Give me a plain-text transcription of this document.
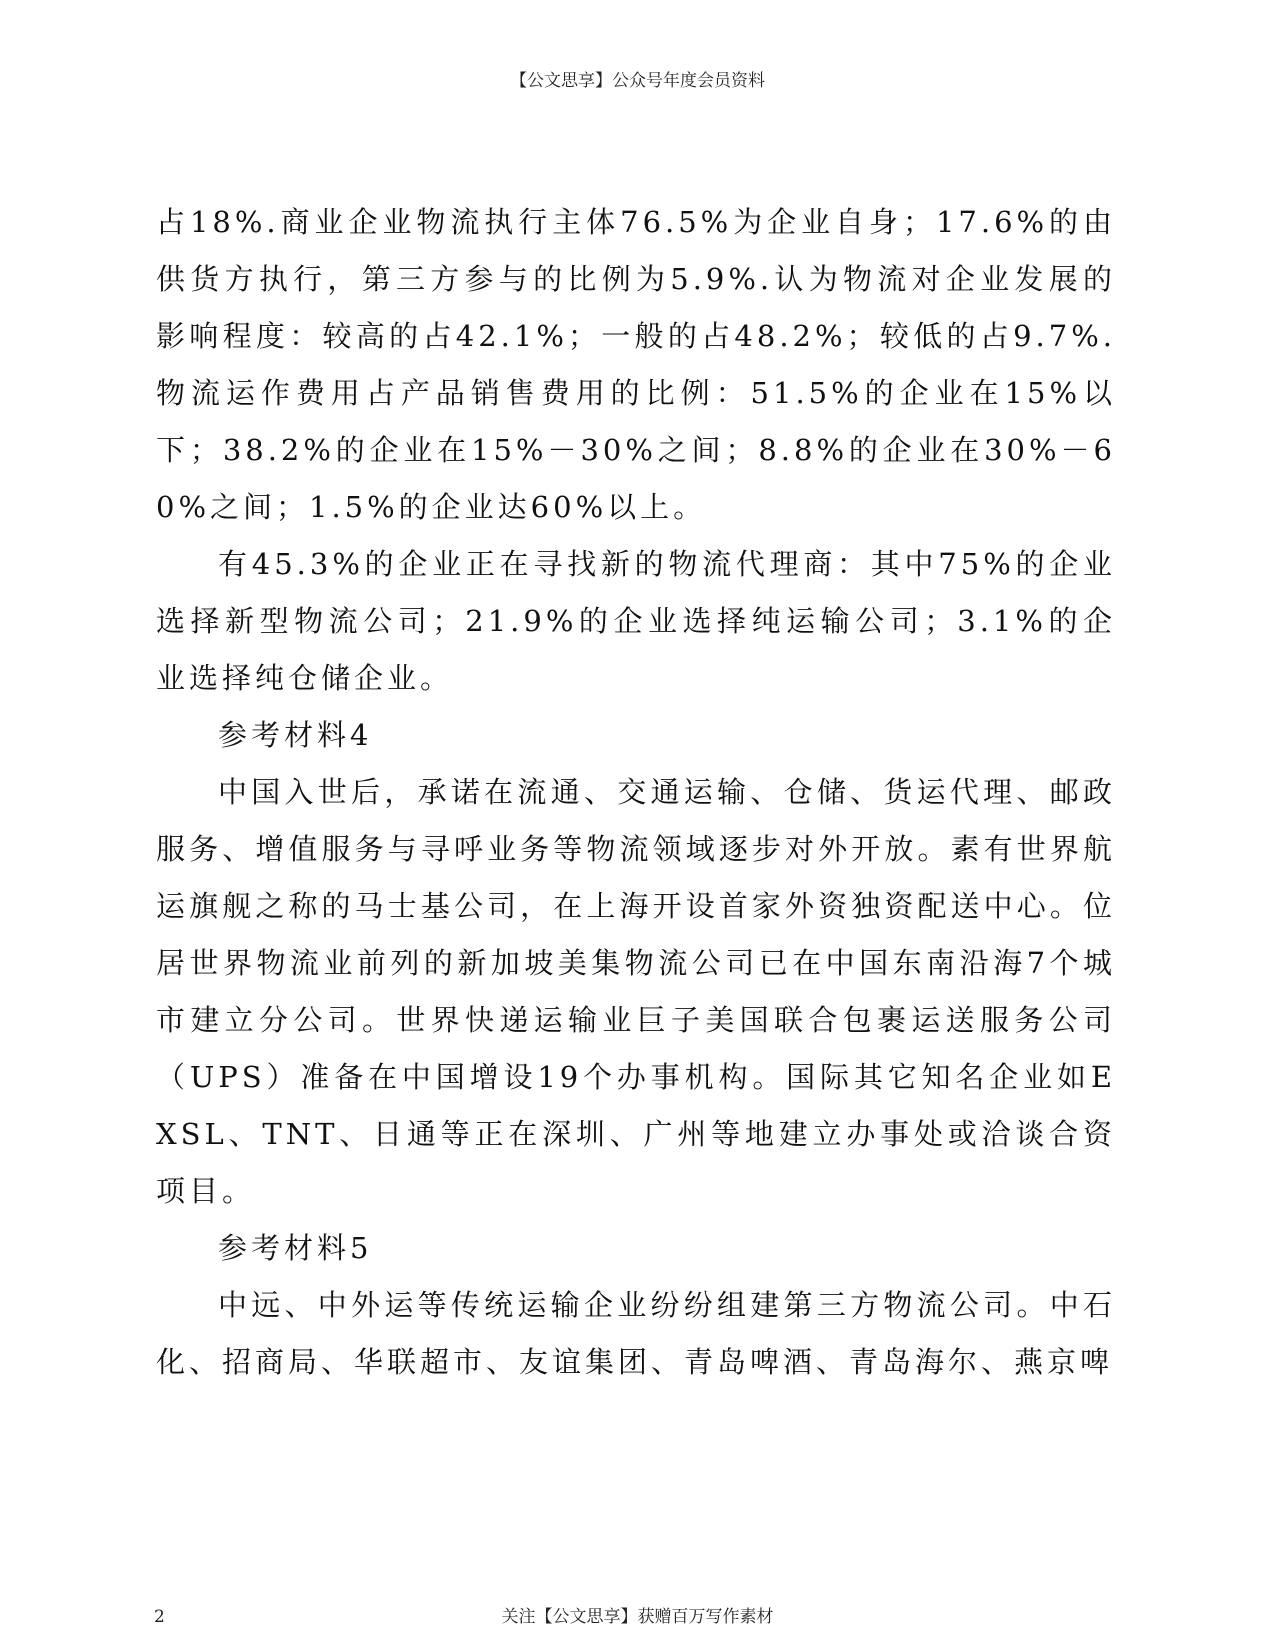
【公文思享】公众号年度会员资料

占18%.商业企业物流执行主体76.5%为企业自身；17.6%的由供货方执行，第三方参与的比例为5.9%.认为物流对企业发展的影响程度：较高的占42.1%；一般的占48.2%；较低的占9.7%.物流运作费用占产品销售费用的比例：51.5%的企业在15%以下；38.2%的企业在15%－30%之间；8.8%的企业在30%－60%之间；1.5%的企业达60%以上。

有45.3%的企业正在寻找新的物流代理商：其中75%的企业选择新型物流公司；21.9%的企业选择纯运输公司；3.1%的企业选择纯仓储企业。

参考材料4

中国入世后，承诺在流通、交通运输、仓储、货运代理、邮政服务、增值服务与寻呼业务等物流领域逐步对外开放。素有世界航运旗舰之称的马士基公司，在上海开设首家外资独资配送中心。位居世界物流业前列的新加坡美集物流公司已在中国东南沿海7个城市建立分公司。世界快递运输业巨子美国联合包裹运送服务公司（UPS）准备在中国增设19个办事机构。国际其它知名企业如EXSL、TNT、日通等正在深圳、广州等地建立办事处或洽谈合资项目。

参考材料5

中远、中外运等传统运输企业纷纷组建第三方物流公司。中石化、招商局、华联超市、友谊集团、青岛啤酒、青岛海尔、燕京啤

关注【公文思享】获赠百万写作素材
2
